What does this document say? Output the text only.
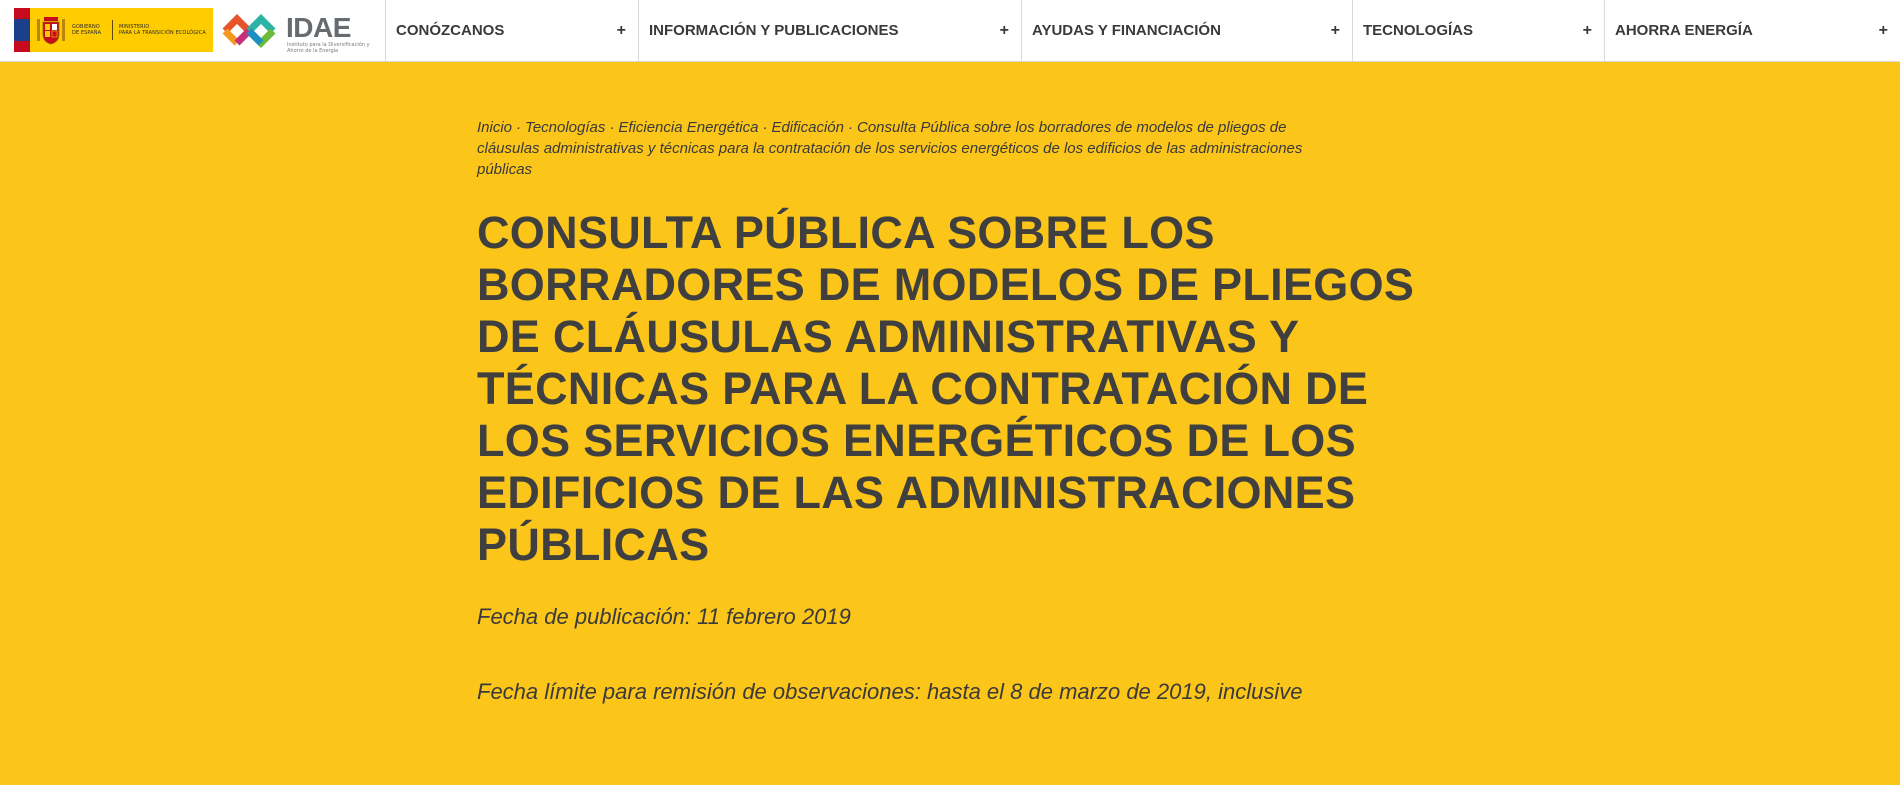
GOBIERNO
DE ESPAÑA
MINISTERIO
PARA LA TRANSICIÓN ECOLÓGICA	IDAE
Instituto para la Diversificación y Ahorro de la Energía
CONÓZCANOS	+ INFORMACIÓN Y PUBLICACIONES	+ AYUDAS Y FINANCIACIÓN	+ TECNOLOGÍAS	+ AHORRA ENERGÍA	+
Inicio · Tecnologías · Eficiencia Energética · Edificación · Consulta Pública sobre los borradores de modelos de pliegos de cláusulas administrativas y técnicas para la contratación de los servicios energéticos de los edificios de las administraciones públicas
CONSULTA PÚBLICA SOBRE LOS BORRADORES DE MODELOS DE PLIEGOS DE CLÁUSULAS ADMINISTRATIVAS Y TÉCNICAS PARA LA CONTRATACIÓN DE LOS SERVICIOS ENERGÉTICOS DE LOS EDIFICIOS DE LAS ADMINISTRACIONES PÚBLICAS

Fecha de publicación: 11 febrero 2019

Fecha límite para remisión de observaciones: hasta el 8 de marzo de 2019, inclusive
